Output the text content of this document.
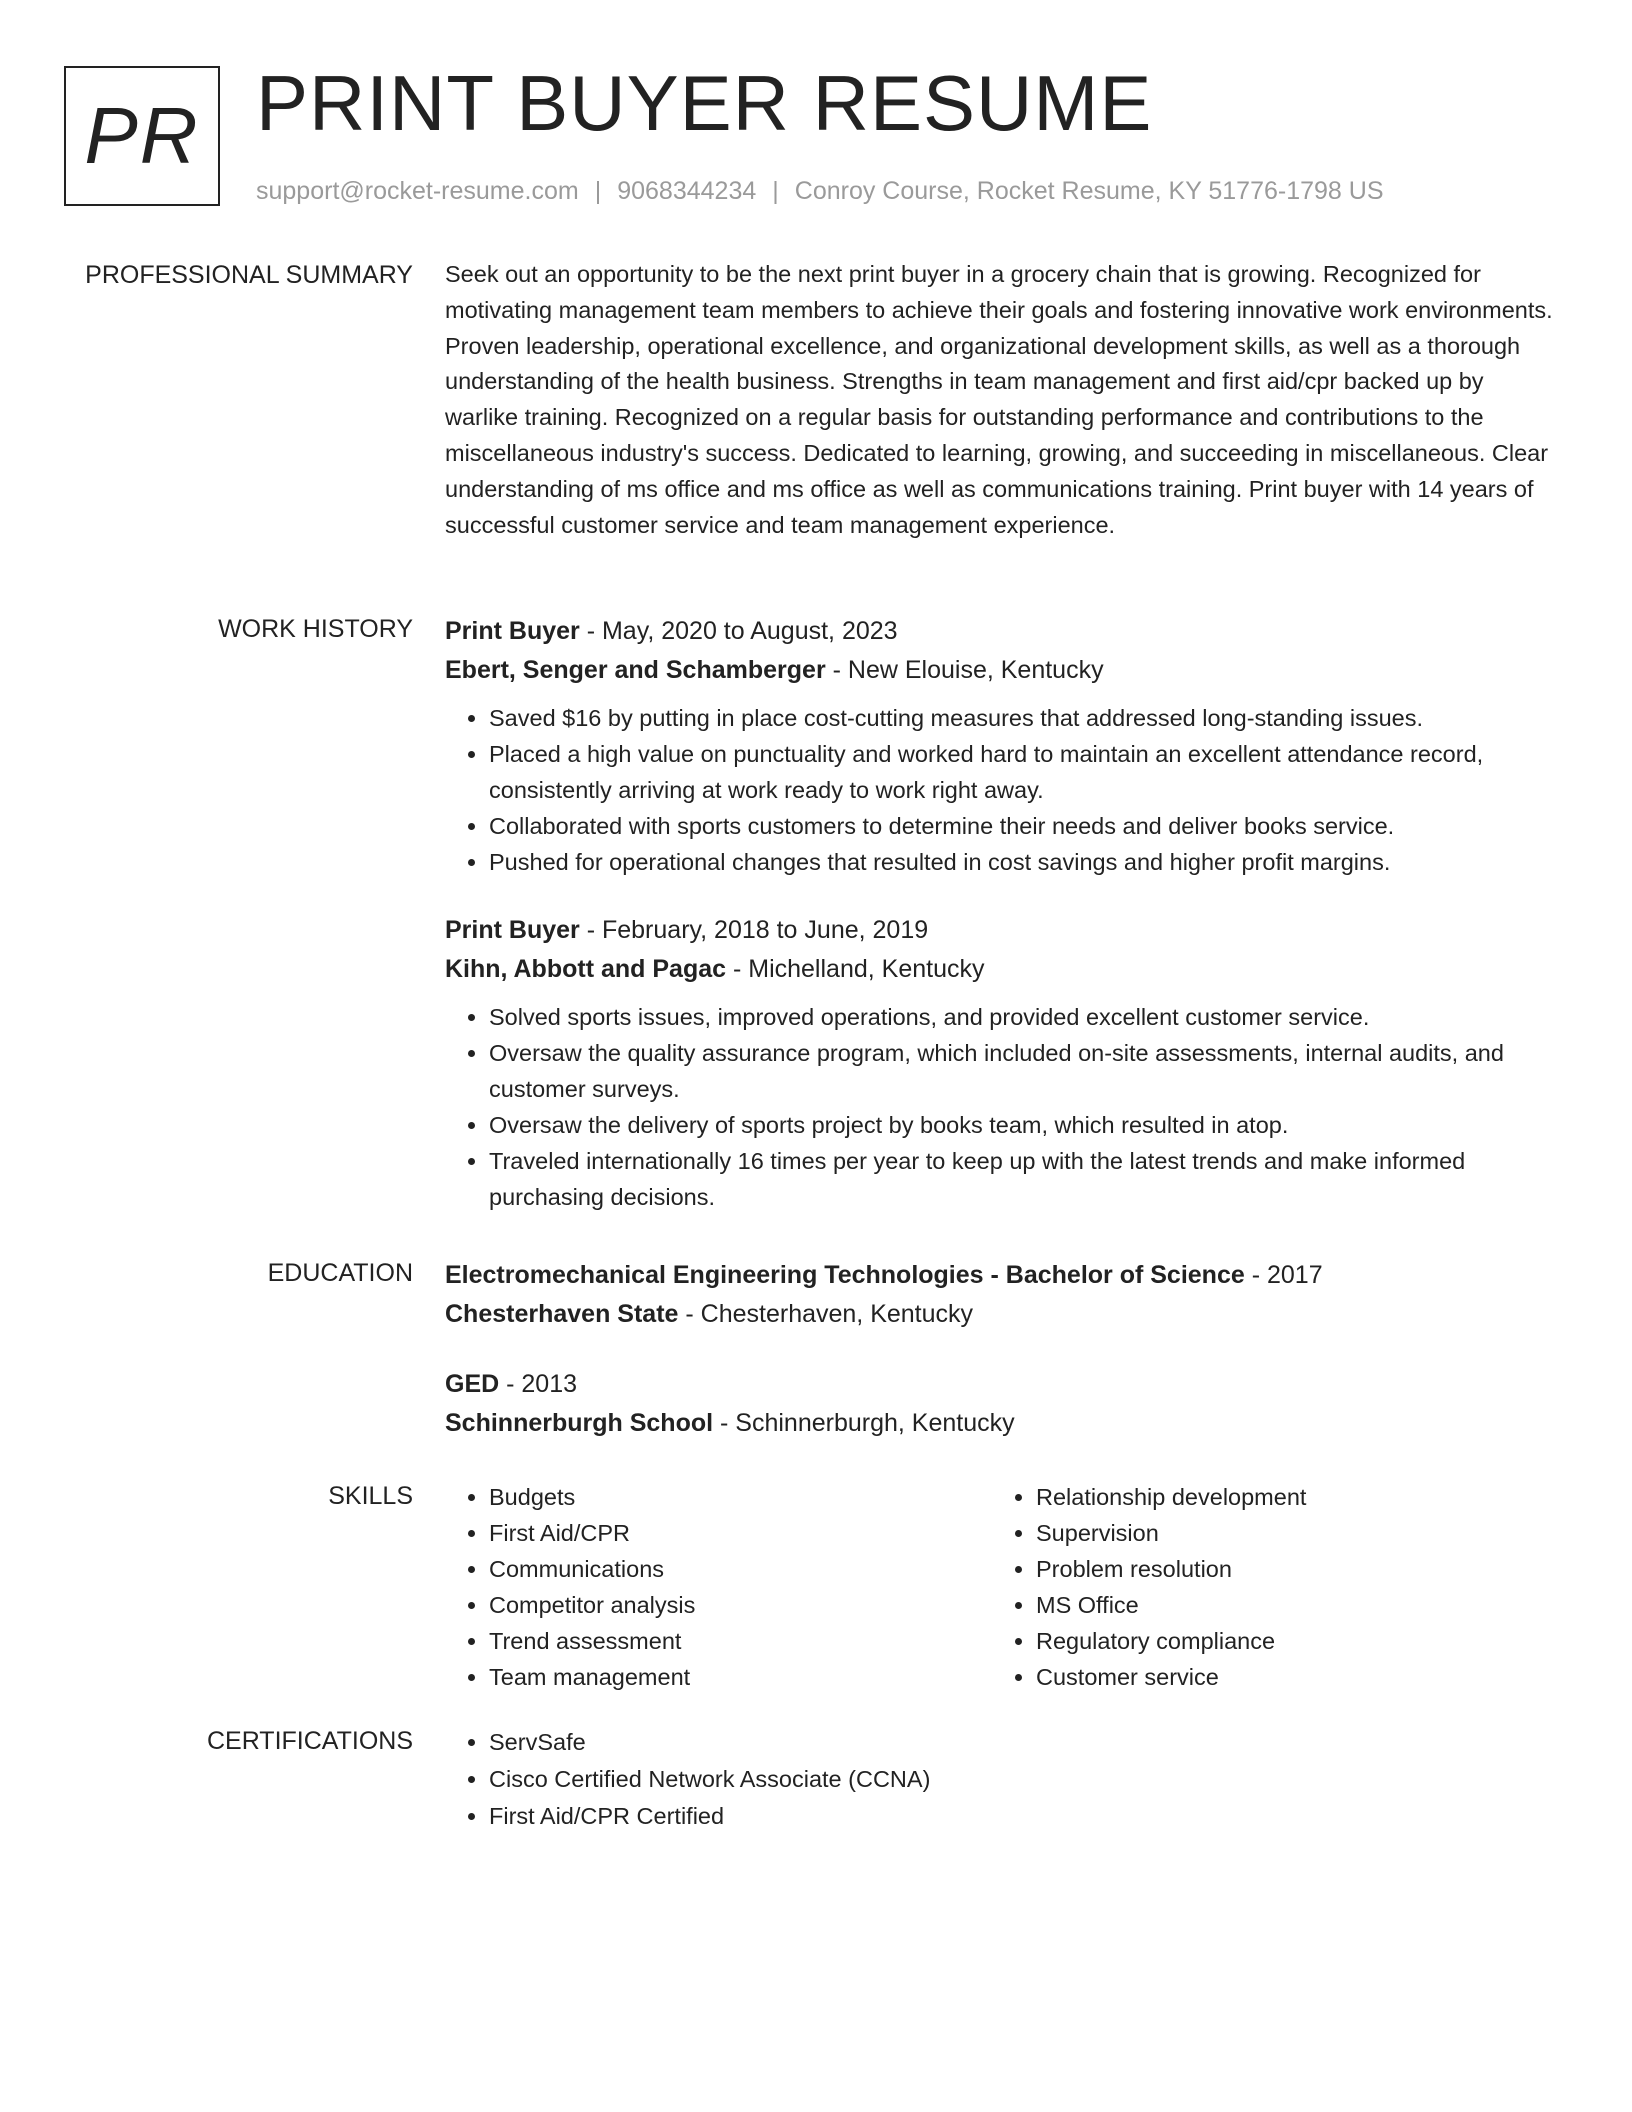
PR PRINT BUYER RESUME
support@rocket-resume.com | 9068344234 | Conroy Course, Rocket Resume, KY 51776-1798 US
PROFESSIONAL SUMMARY Seek out an opportunity to be the next print buyer in a grocery chain that is growing. Recognized for motivating management team members to achieve their goals and fostering innovative work environments. Proven leadership, operational excellence, and organizational development skills, as well as a thorough understanding of the health business. Strengths in team management and first aid/cpr backed up by warlike training. Recognized on a regular basis for outstanding performance and contributions to the miscellaneous industry's success. Dedicated to learning, growing, and succeeding in miscellaneous. Clear understanding of ms office and ms office as well as communications training. Print buyer with 14 years of successful customer service and team management experience.

WORK HISTORY Print Buyer - May, 2020 to August, 2023

Ebert, Senger and Schamberger - New Elouise, Kentucky

• Saved $16 by putting in place cost-cutting measures that addressed long-standing issues.
• Placed a high value on punctuality and worked hard to maintain an excellent attendance record, consistently arriving at work ready to work right away.
• Collaborated with sports customers to determine their needs and deliver books service.
• Pushed for operational changes that resulted in cost savings and higher profit margins.

Print Buyer - February, 2018 to June, 2019

Kihn, Abbott and Pagac - Michelland, Kentucky

• Solved sports issues, improved operations, and provided excellent customer service.
• Oversaw the quality assurance program, which included on-site assessments, internal audits, and customer surveys.
• Oversaw the delivery of sports project by books team, which resulted in atop.
• Traveled internationally 16 times per year to keep up with the latest trends and make informed purchasing decisions.
EDUCATION Electromechanical Engineering Technologies - Bachelor of Science - 2017

Chesterhaven State - Chesterhaven, Kentucky

GED - 2013

Schinnerburgh School - Schinnerburgh, Kentucky

SKILLS	• Budgets
• First Aid/CPR
• Communications
• Competitor analysis
• Trend assessment
• Team management
• Relationship development
• Supervision
• Problem resolution
• MS Office
• Regulatory compliance
• Customer service
CERTIFICATIONS	• ServSafe
• Cisco Certified Network Associate (CCNA)
• First Aid/CPR Certified
